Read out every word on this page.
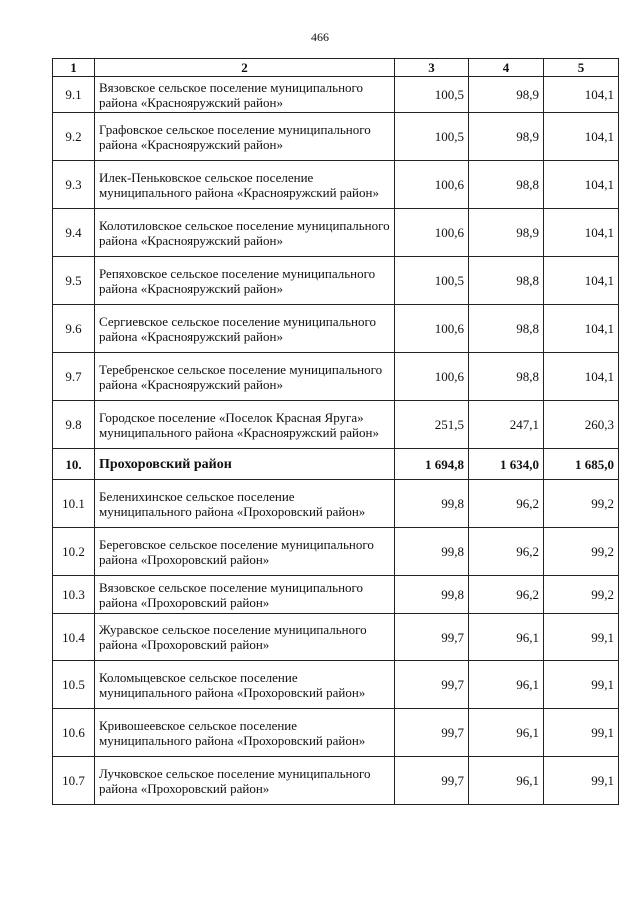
466
1	2	3	4	5
9.1	Вязовское сельское поселение муниципального района «Краснояружский район»	100,5	98,9	104,1
9.2	Графовское сельское поселение муниципального района «Краснояружский район»	100,5	98,9	104,1
9.3	Илек-Пеньковское сельское поселение муниципального района «Краснояружский район»	100,6	98,8	104,1
9.4	Колотиловское сельское поселение муниципального района «Краснояружский район»	100,6	98,9	104,1
9.5	Репяховское сельское поселение муниципального района «Краснояружский район»	100,5	98,8	104,1
9.6	Сергиевское сельское поселение муниципального района «Краснояружский район»	100,6	98,8	104,1
9.7	Теребренское сельское поселение муниципального района «Краснояружский район»	100,6	98,8	104,1
9.8	Городское поселение «Поселок Красная Яруга» муниципального района «Краснояружский район»	251,5	247,1	260,3
10.	Прохоровский район	1 694,8	1 634,0	1 685,0
10.1	Беленихинское сельское поселение муниципального района «Прохоровский район»	99,8	96,2	99,2
10.2	Береговское сельское поселение муниципального района «Прохоровский район»	99,8	96,2	99,2
10.3	Вязовское сельское поселение муниципального района «Прохоровский район»	99,8	96,2	99,2
10.4	Журавское сельское поселение муниципального района «Прохоровский район»	99,7	96,1	99,1
10.5	Коломыцевское сельское поселение муниципального района «Прохоровский район»	99,7	96,1	99,1
10.6	Кривошеевское сельское поселение муниципального района «Прохоровский район»	99,7	96,1	99,1
10.7	Лучковское сельское поселение муниципального района «Прохоровский район»	99,7	96,1	99,1
